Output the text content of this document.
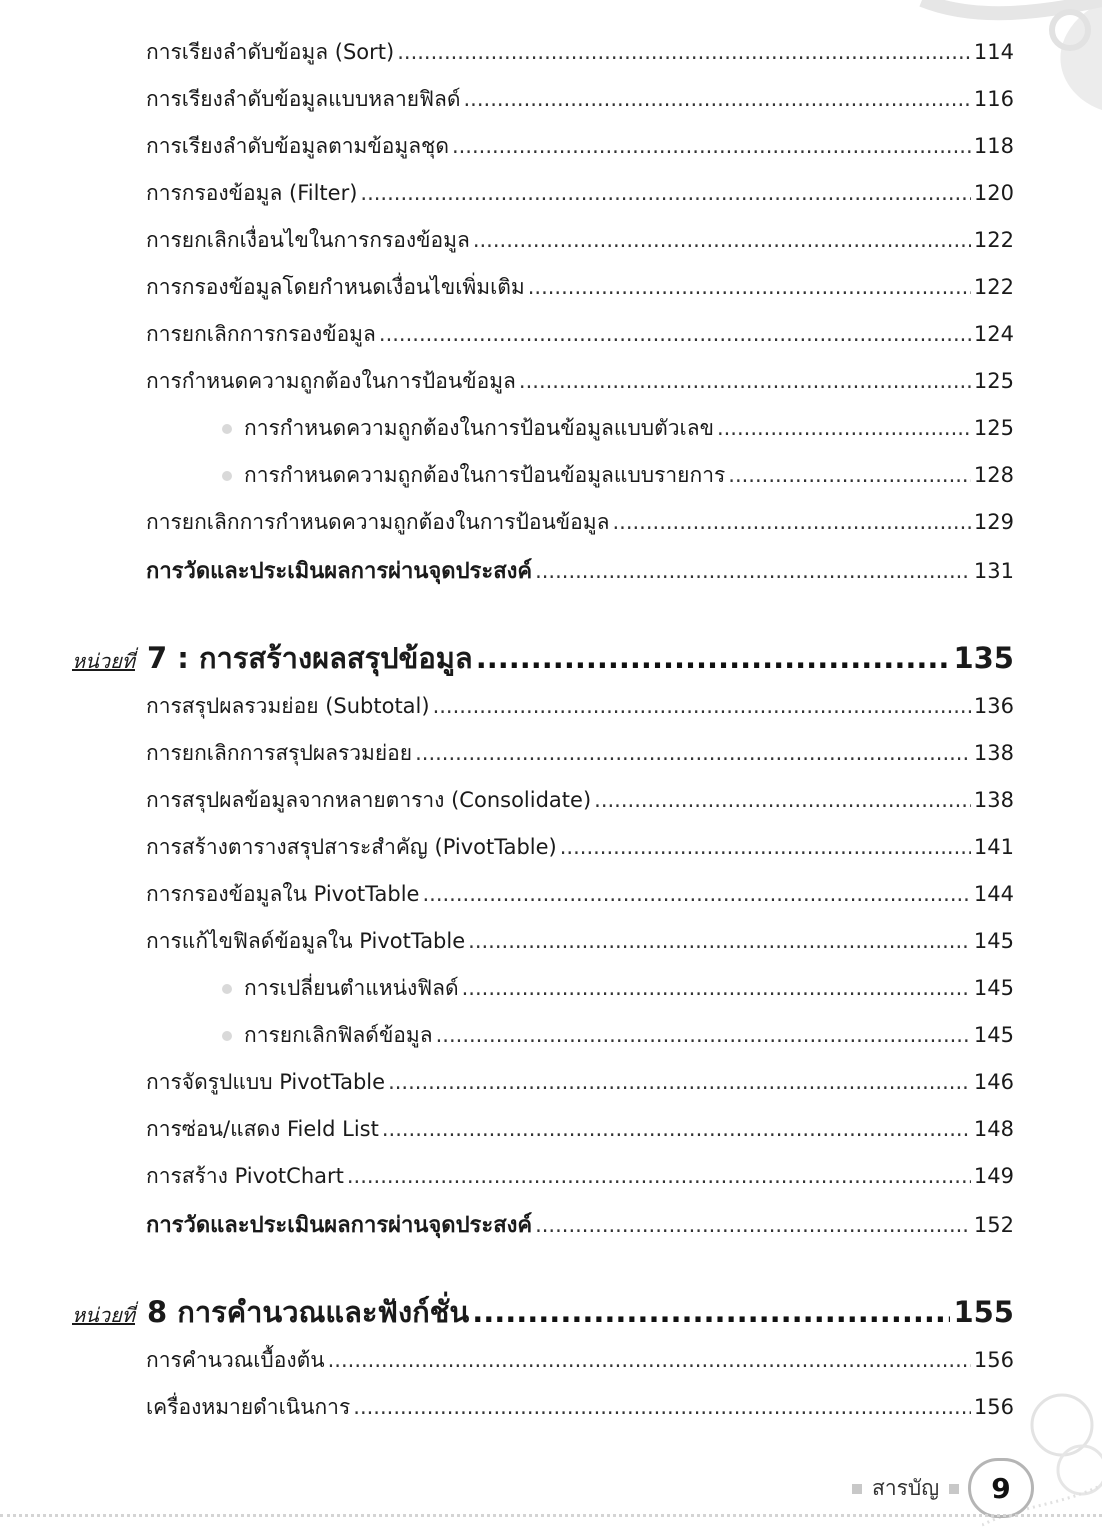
การเรียงลำดับข้อมูล (Sort) .....	114
การเรียงลำดับข้อมูลแบบหลายฟิลด์ .....	116
การเรียงลำดับข้อมูลตามข้อมูลชุด .....	118
การกรองข้อมูล (Filter) .....	120
การยกเลิกเงื่อนไขในการกรองข้อมูล .....	122
การกรองข้อมูลโดยกำหนดเงื่อนไขเพิ่มเติม .....	122
การยกเลิกการกรองข้อมูล .....	124
การกำหนดความถูกต้องในการป้อนข้อมูล .....	125
การกำหนดความถูกต้องในการป้อนข้อมูลแบบตัวเลข .....	125
การกำหนดความถูกต้องในการป้อนข้อมูลแบบรายการ .....	128
การยกเลิกการกำหนดความถูกต้องในการป้อนข้อมูล .....	129
การวัดและประเมินผลการผ่านจุดประสงค์ .....	131
หน่วยที่ 7 : การสร้างผลสรุปข้อมูล .....	135
การสรุปผลรวมย่อย (Subtotal) .....	136
การยกเลิกการสรุปผลรวมย่อย .....	138
การสรุปผลข้อมูลจากหลายตาราง (Consolidate) .....	138
การสร้างตารางสรุปสาระสำคัญ (PivotTable) .....	141
การกรองข้อมูลใน PivotTable .....	144
การแก้ไขฟิลด์ข้อมูลใน PivotTable .....	145
การเปลี่ยนตำแหน่งฟิลด์ .....	145
การยกเลิกฟิลด์ข้อมูล .....	145
การจัดรูปแบบ PivotTable .....	146
การซ่อน/แสดง Field List .....	148
การสร้าง PivotChart .....	149
การวัดและประเมินผลการผ่านจุดประสงค์ .....	152
หน่วยที่ 8 การคำนวณและฟังก์ชั่น .....	155
การคำนวณเบื้องต้น .....	156
เครื่องหมายดำเนินการ .....	156
สารบัญ 9
